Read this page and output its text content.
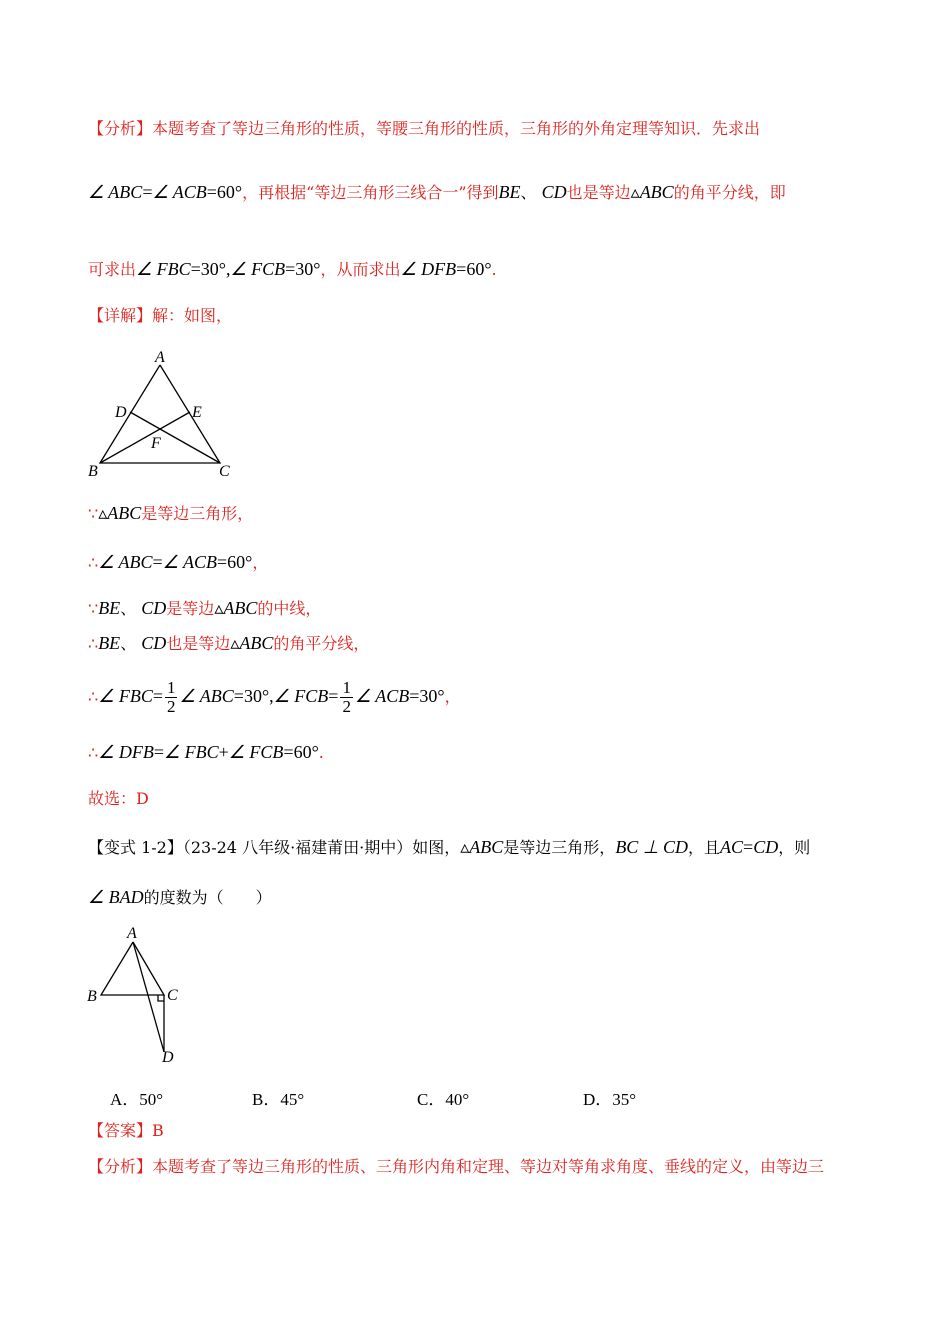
【分析】本题考查了等边三角形的性质，等腰三角形的性质，三角形的外角定理等知识．先求出
∠ ABC=∠ ACB=60°，再根据“等边三角形三线合一”得到BE、 CD也是等边▵ABC的角平分线，即
可求出∠ FBC=30°,∠ FCB=30°，从而求出∠ DFB=60°.
【详解】解：如图，
∵▵ABC是等边三角形，
∴∠ ABC=∠ ACB=60°，
∵BE、 CD是等边▵ABC的中线，
∴BE、 CD也是等边▵ABC的角平分线，
∴∠ $FBC= \frac{1}{2}$ ∠ ABC=30°,∠ $FCB= \frac{1}{2}$ ∠ ACB=30°，
∴∠ DFB=∠ FBC+∠ FCB=60°.
故选：D
【变式 1-2】（23-24 八年级·福建莆田·期中）如图，▵ABC是等边三角形，BC ⊥ CD，且AC=CD，则
∠ BAD的度数为（　　）
【答案】B
【分析】本题考查了等边三角形的性质、三角形内角和定理、等边对等角求角度、垂线的定义，由等边三
A
D	E
F
B	C
A
B	C
D
A．50°	B．45°	C．40°	D．35°
